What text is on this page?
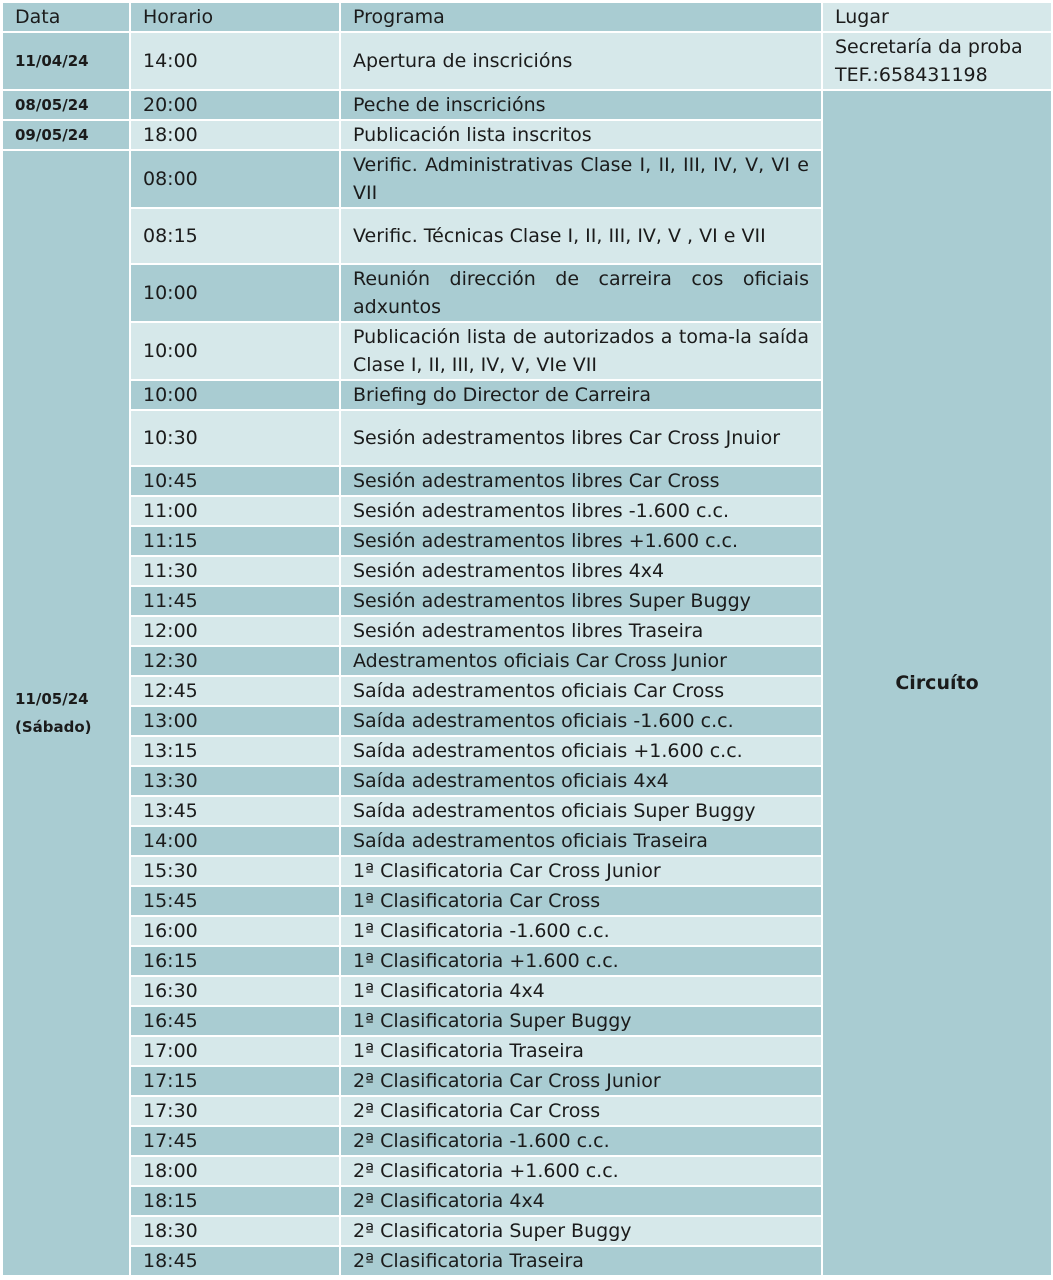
Data	Horario	Programa	Lugar

11/04/24	14:00	Apertura de inscricións	Secretaría da proba
TEF.:658431198

08/05/24	20:00	Peche de inscricións	Circuíto

09/05/24	18:00	Publicación lista inscritos	

11/05/24
(Sábado)	08:00	Verific. Administrativas Clase I, II, III, IV, V, VI e VII	
	08:15	Verific. Técnicas Clase I, II, III, IV, V , VI e VII	
	10:00	Reunión dirección de carreira cos oficiais adxuntos	
	10:00	Publicación lista de autorizados a toma-la saída Clase I, II, III, IV, V, VIe VII	
	10:00	Briefing do Director de Carreira	
	10:30	Sesión adestramentos libres Car Cross Jnuior	
	10:45	Sesión adestramentos libres Car Cross	
	11:00	Sesión adestramentos libres -1.600 c.c.	
	11:15	Sesión adestramentos libres +1.600 c.c.	
	11:30	Sesión adestramentos libres 4x4	
	11:45	Sesión adestramentos libres Super Buggy	
	12:00	Sesión adestramentos libres Traseira	
	12:30	Adestramentos oficiais Car Cross Junior	
	12:45	Saída adestramentos oficiais Car Cross	
	13:00	Saída adestramentos oficiais -1.600 c.c.	
	13:15	Saída adestramentos oficiais +1.600 c.c.	
	13:30	Saída adestramentos oficiais 4x4	
	13:45	Saída adestramentos oficiais Super Buggy	
	14:00	Saída adestramentos oficiais Traseira	
	15:30	1ª Clasificatoria Car Cross Junior	
	15:45	1ª Clasificatoria Car Cross	
	16:00	1ª Clasificatoria -1.600 c.c.	
	16:15	1ª Clasificatoria +1.600 c.c.	
	16:30	1ª Clasificatoria 4x4	
	16:45	1ª Clasificatoria Super Buggy	
	17:00	1ª Clasificatoria Traseira	
	17:15	2ª Clasificatoria Car Cross Junior	
	17:30	2ª Clasificatoria Car Cross	
	17:45	2ª Clasificatoria -1.600 c.c.	
	18:00	2ª Clasificatoria +1.600 c.c.	
	18:15	2ª Clasificatoria 4x4	
	18:30	2ª Clasificatoria Super Buggy	
	18:45	2ª Clasificatoria Traseira	
